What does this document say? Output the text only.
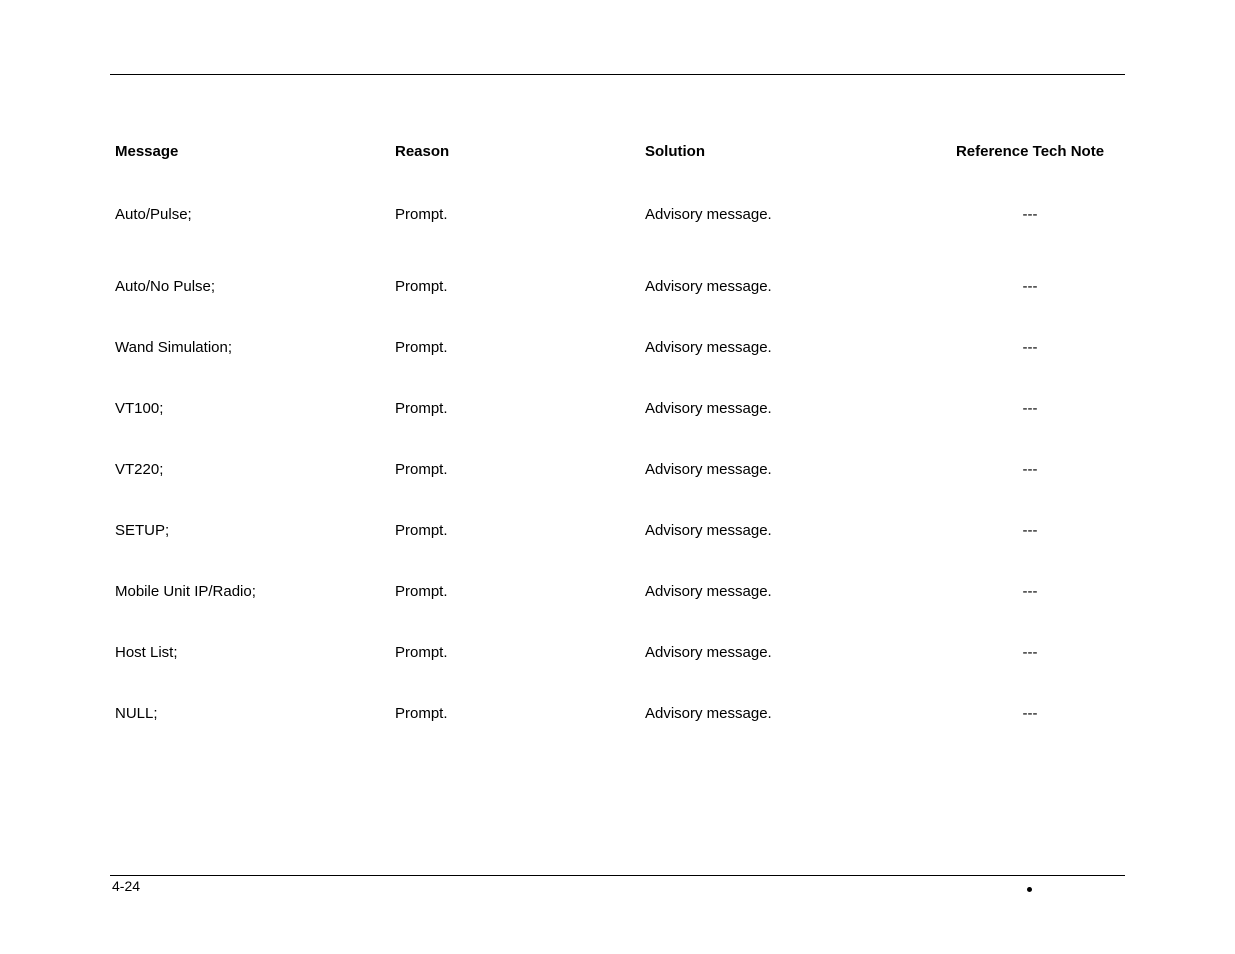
Message	Reason	Solution	Reference Tech Note
Auto/Pulse;	Prompt.	Advisory message.	---
Auto/No Pulse;	Prompt.	Advisory message.	---
Wand Simulation;	Prompt.	Advisory message.	---
VT100;	Prompt.	Advisory message.	---
VT220;	Prompt.	Advisory message.	---
SETUP;	Prompt.	Advisory message.	---
Mobile Unit IP/Radio;	Prompt.	Advisory message.	---
Host List;	Prompt.	Advisory message.	---
NULL;	Prompt.	Advisory message.	---
4-24
